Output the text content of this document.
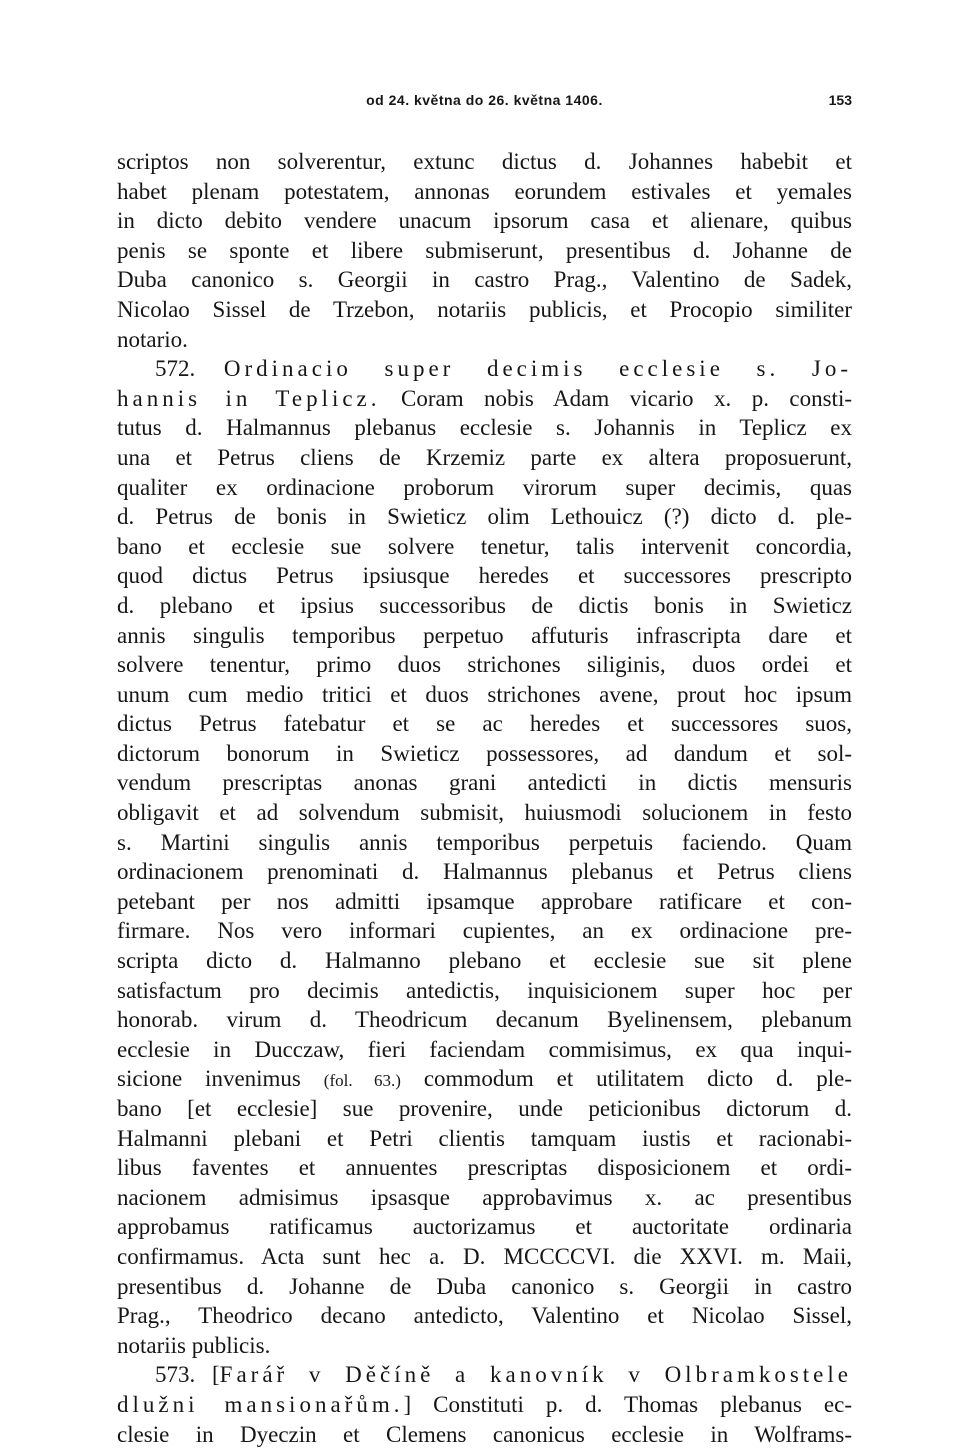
od 24. května do 26. května 1406.	153
scriptos non solverentur, extunc dictus d. Johannes habebit et
habet plenam potestatem, annonas eorundem estivales et yemales
in dicto debito vendere unacum ipsorum casa et alienare, quibus
penis se sponte et libere submiserunt, presentibus d. Johanne de
Duba canonico s. Georgii in castro Prag., Valentino de Sadek,
Nicolao Sissel de Trzebon, notariis publicis, et Procopio similiter
notario.
572. Ordinacio super decimis ecclesie s. Jo-
hannis in Teplicz. Coram nobis Adam vicario x. p. consti-
tutus d. Halmannus plebanus ecclesie s. Johannis in Teplicz ex
una et Petrus cliens de Krzemiz parte ex altera proposuerunt,
qualiter ex ordinacione proborum virorum super decimis, quas
d. Petrus de bonis in Swieticz olim Lethouicz (?) dicto d. ple-
bano et ecclesie sue solvere tenetur, talis intervenit concordia,
quod dictus Petrus ipsiusque heredes et successores prescripto
d. plebano et ipsius successoribus de dictis bonis in Swieticz
annis singulis temporibus perpetuo affuturis infrascripta dare et
solvere tenentur, primo duos strichones siliginis, duos ordei et
unum cum medio tritici et duos strichones avene, prout hoc ipsum
dictus Petrus fatebatur et se ac heredes et successores suos,
dictorum bonorum in Swieticz possessores, ad dandum et sol-
vendum prescriptas anonas grani antedicti in dictis mensuris
obligavit et ad solvendum submisit, huiusmodi solucionem in festo
s. Martini singulis annis temporibus perpetuis faciendo. Quam
ordinacionem prenominati d. Halmannus plebanus et Petrus cliens
petebant per nos admitti ipsamque approbare ratificare et con-
firmare. Nos vero informari cupientes, an ex ordinacione pre-
scripta dicto d. Halmanno plebano et ecclesie sue sit plene
satisfactum pro decimis antedictis, inquisicionem super hoc per
honorab. virum d. Theodricum decanum Byelinensem, plebanum
ecclesie in Ducczaw, fieri faciendam commisimus, ex qua inqui-
sicione invenimus (fol. 63.) commodum et utilitatem dicto d. ple-
bano [et ecclesie] sue provenire, unde peticionibus dictorum d.
Halmanni plebani et Petri clientis tamquam iustis et racionabi-
libus faventes et annuentes prescriptas disposicionem et ordi-
nacionem admisimus ipsasque approbavimus x. ac presentibus
approbamus ratificamus auctorizamus et auctoritate ordinaria
confirmamus. Acta sunt hec a. D. MCCCCVI. die XXVI. m. Maii,
presentibus d. Johanne de Duba canonico s. Georgii in castro
Prag., Theodrico decano antedicto, Valentino et Nicolao Sissel,
notariis publicis.
573. [Farář v Děčíně a kanovník v Olbramkostele
dlužni mansionařům.] Constituti p. d. Thomas plebanus ec-
clesie in Dyeczin et Clemens canonicus ecclesie in Wolframs-
